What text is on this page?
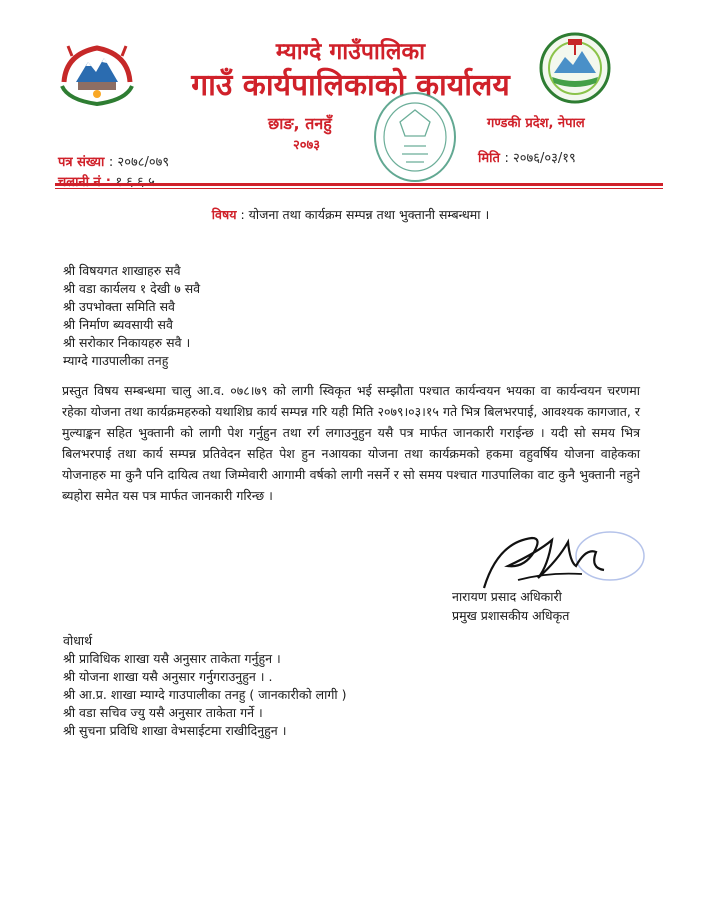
म्याग्दे गाउँपालिका
गाउँ कार्यपालिकाको कार्यालय
छाङ, तनहुँ
२०७३
गण्डकी प्रदेश, नेपाल
पत्र संख्या : २०७८/०७९	मिति : २०७६/०३/१९
विषय : योजना तथा कार्यक्रम सम्पन्न तथा भुक्तानी सम्बन्धमा ।
श्री विषयगत शाखाहरु सवै
श्री वडा कार्यलय १ देखी ७ सवै
श्री उपभोक्ता समिति सवै
श्री निर्माण ब्यवसायी सवै
श्री सरोकार निकायहरु सवै ।
म्याग्दे गाउपालीका तनहु
प्रस्तुत विषय सम्बन्धमा चालु आ.व. ०७८।७९ को लागी स्विकृत भई सम्झौता पश्चात कार्यन्वयन भयका वा कार्यन्वयन चरणमा रहेका योजना तथा कार्यक्रमहरुको यथाशिघ्र कार्य सम्पन्न गरि यही मिति २०७९।०३।१५ गते भित्र बिलभरपाई, आवश्यक कागजात, र मुल्याङ्कन सहित भुक्तानी को लागी पेश गर्नुहुन तथा रर्ग लगाउनुहुन यसै पत्र मार्फत जानकारी गराईन्छ । यदी सो समय भित्र बिलभरपाई तथा कार्य सम्पन्न प्रतिवेदन सहित पेश हुन नआयका योजना तथा कार्यक्रमको हकमा वहुवर्षिय योजना वाहेकका योजनाहरु मा कुनै पनि दायित्व तथा जिम्मेवारी आगामी वर्षको लागी नसर्ने र सो समय पश्चात गाउपालिका वाट कुनै भुक्तानी नहुने ब्यहोरा समेत यस पत्र मार्फत जानकारी गरिन्छ ।
नारायण प्रसाद अधिकारी
प्रमुख प्रशासकीय अधिकृत
वोधार्थ
श्री प्राविधिक शाखा यसै अनुसार ताकेता गर्नुहुन ।
श्री योजना शाखा यसै अनुसार गर्नुगराउनुहुन । .
श्री आ.प्र. शाखा म्याग्दे गाउपालीका तनहु ( जानकारीको लागी )
श्री वडा सचिव ज्यु यसै अनुसार ताकेता गर्ने ।
श्री सुचना प्रविधि शाखा वेभसाईटमा राखीदिनुहुन ।
